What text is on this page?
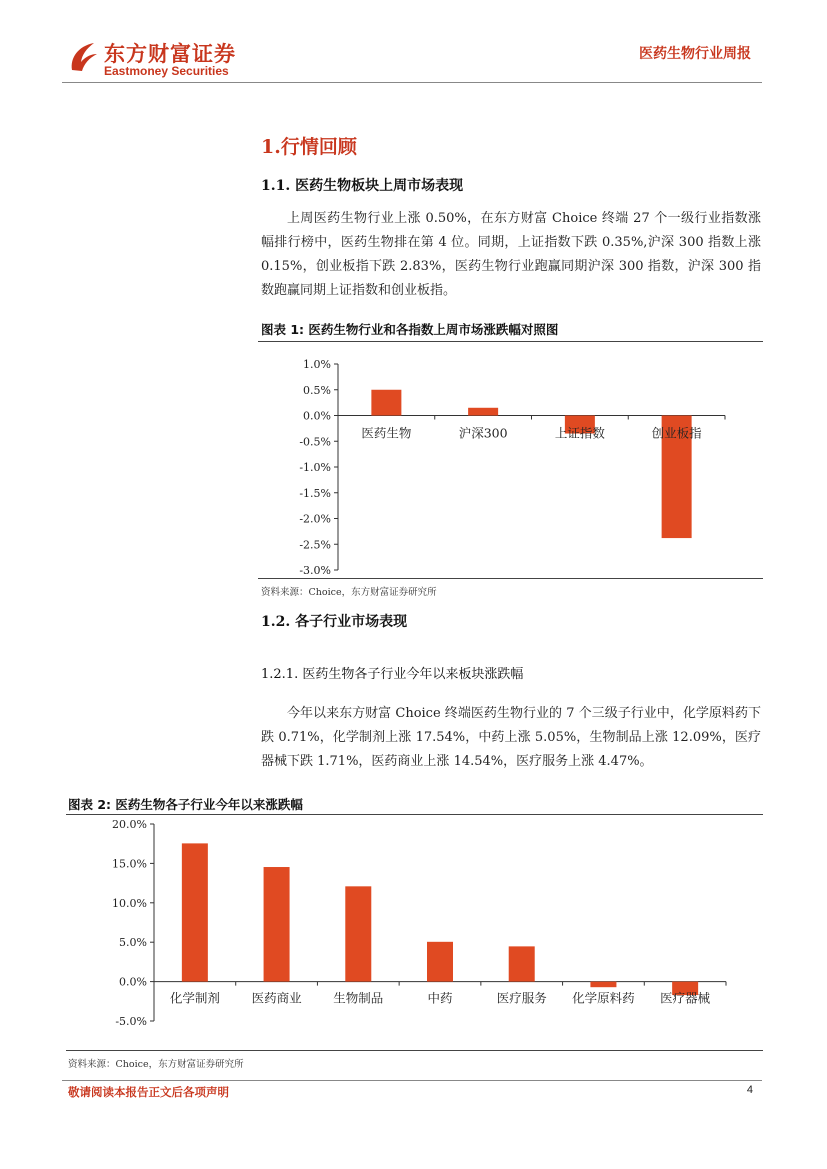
东方财富证券
Eastmoney Securities
医药生物行业周报
1.行情回顾
1.1. 医药生物板块上周市场表现

上周医药生物行业上涨 0.50%，在东方财富 Choice 终端 27 个一级行业指数涨幅排行榜中，医药生物排在第 4 位。同期，上证指数下跌 0.35%,沪深 300 指数上涨 0.15%，创业板指下跌 2.83%，医药生物行业跑赢同期沪深 300 指数，沪深 300 指数跑赢同期上证指数和创业板指。

图表 1: 医药生物行业和各指数上周市场涨跌幅对照图
1.0%
0.5%
0.0%
-0.5%
-1.0%
-1.5%
-2.0%
-2.5%
-3.0%
医药生物	沪深300	上证指数	创业板指
资料来源：Choice，东方财富证券研究所
1.2. 各子行业市场表现
1.2.1. 医药生物各子行业今年以来板块涨跌幅

今年以来东方财富 Choice 终端医药生物行业的 7 个三级子行业中，化学原料药下跌 0.71%，化学制剂上涨 17.54%，中药上涨 5.05%，生物制品上涨 12.09%，医疗器械下跌 1.71%，医药商业上涨 14.54%，医疗服务上涨 4.47%。

图表 2: 医药生物各子行业今年以来涨跌幅
20.0%
15.0%
10.0%
5.0%
0.0%
-5.0%
化学制剂	医药商业	生物制品	中药	医疗服务 化学原料药 医疗器械
资料来源：Choice，东方财富证券研究所
敬请阅读本报告正文后各项声明	4
